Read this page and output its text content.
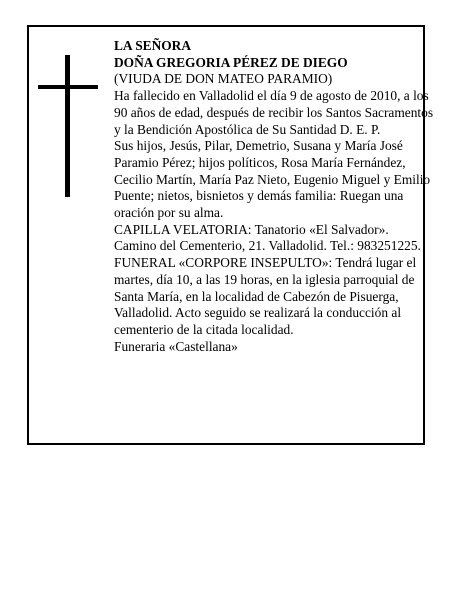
LA SEÑORA

DOÑA GREGORIA PÉREZ DE DIEGO

(VIUDA DE DON MATEO PARAMIO)

Ha fallecido en Valladolid el día 9 de agosto de 2010, a los 90 años de edad, después de recibir los Santos Sacramentos y la Bendición Apostólica de Su Santidad D. E. P.

Sus hijos, Jesús, Pilar, Demetrio, Susana y María José Paramio Pérez; hijos políticos, Rosa María Fernández, Cecilio Martín, María Paz Nieto, Eugenio Miguel y Emilio Puente; nietos, bisnietos y demás familia: Ruegan una oración por su alma.

CAPILLA VELATORIA: Tanatorio «El Salvador». Camino del Cementerio, 21. Valladolid. Tel.: 983251225.

FUNERAL «CORPORE INSEPULTO»: Tendrá lugar el martes, día 10, a las 19 horas, en la iglesia parroquial de Santa María, en la localidad de Cabezón de Pisuerga, Valladolid. Acto seguido se realizará la conducción al cementerio de la citada localidad.

Funeraria «Castellana»
